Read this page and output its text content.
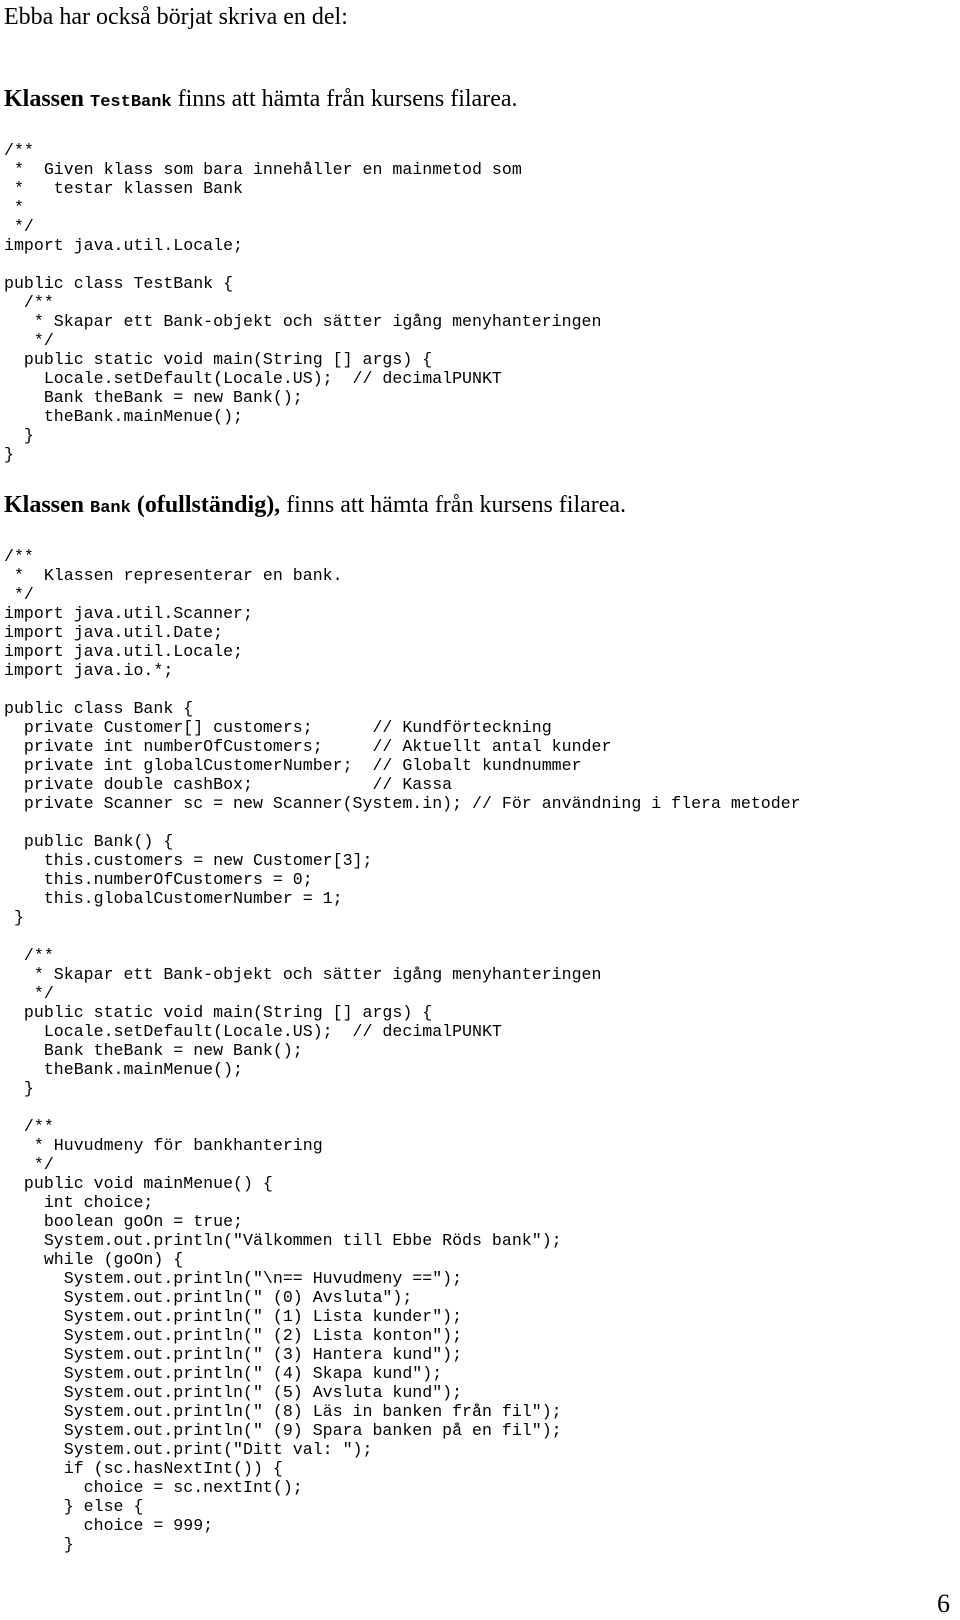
Ebba har också börjat skriva en del:
Klassen TestBank finns att hämta från kursens filarea.
/**
*  Given klass som bara innehåller en mainmetod som
*   testar klassen Bank
*
*/
import java.util.Locale;

public class TestBank {
/**
* Skapar ett Bank-objekt och sätter igång menyhanteringen
*/
public static void main(String [] args) {
Locale.setDefault(Locale.US);  // decimalPUNKT
Bank theBank = new Bank();
theBank.mainMenue();
}
}
Klassen Bank (ofullständig), finns att hämta från kursens filarea.
/**
*  Klassen representerar en bank.
*/
import java.util.Scanner;
import java.util.Date;
import java.util.Locale;
import java.io.*;

public class Bank {
private Customer[] customers;      // Kundförteckning
private int numberOfCustomers;     // Aktuellt antal kunder
private int globalCustomerNumber;  // Globalt kundnummer
private double cashBox;            // Kassa
private Scanner sc = new Scanner(System.in); // För användning i flera metoder

public Bank() {
this.customers = new Customer[3];
this.numberOfCustomers = 0;
this.globalCustomerNumber = 1;
}

/**
* Skapar ett Bank-objekt och sätter igång menyhanteringen
*/
public static void main(String [] args) {
Locale.setDefault(Locale.US);  // decimalPUNKT
Bank theBank = new Bank();
theBank.mainMenue();
}

/**
* Huvudmeny för bankhantering
*/
public void mainMenue() {
int choice;
boolean goOn = true;
System.out.println("Välkommen till Ebbe Röds bank");
while (goOn) {
System.out.println("\n== Huvudmeny ==");
System.out.println(" (0) Avsluta");
System.out.println(" (1) Lista kunder");
System.out.println(" (2) Lista konton");
System.out.println(" (3) Hantera kund");
System.out.println(" (4) Skapa kund");
System.out.println(" (5) Avsluta kund");
System.out.println(" (8) Läs in banken från fil");
System.out.println(" (9) Spara banken på en fil");
System.out.print("Ditt val: ");
if (sc.hasNextInt()) {
choice = sc.nextInt();
} else {
choice = 999;
}
6
